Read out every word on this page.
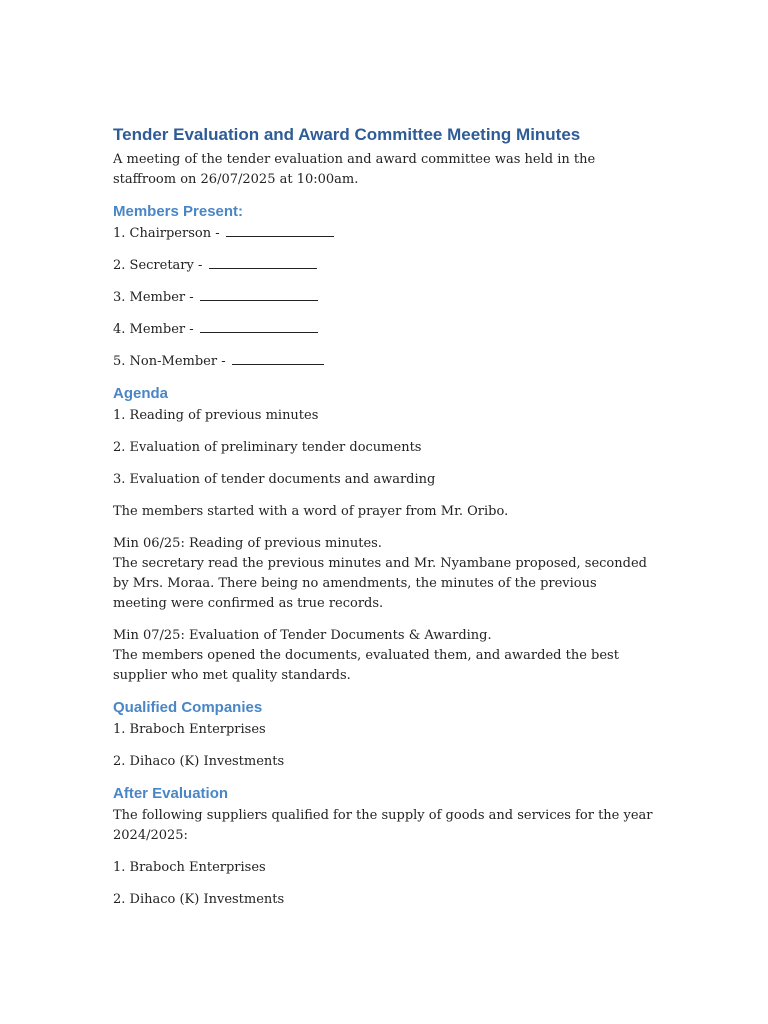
Tender Evaluation and Award Committee Meeting Minutes

A meeting of the tender evaluation and award committee was held in the staffroom on 26/07/2025 at 10:00am.

Members Present:

1. Chairperson -

2. Secretary -

3. Member -

4. Member -

5. Non-Member -

Agenda

1. Reading of previous minutes

2. Evaluation of preliminary tender documents

3. Evaluation of tender documents and awarding

The members started with a word of prayer from Mr. Oribo.

Min 06/25: Reading of previous minutes.

The secretary read the previous minutes and Mr. Nyambane proposed, seconded by Mrs. Moraa. There being no amendments, the minutes of the previous meeting were confirmed as true records.

Min 07/25: Evaluation of Tender Documents & Awarding.

The members opened the documents, evaluated them, and awarded the best supplier who met quality standards.

Qualified Companies

1. Braboch Enterprises

2. Dihaco (K) Investments

After Evaluation

The following suppliers qualified for the supply of goods and services for the year 2024/2025:

1. Braboch Enterprises

2. Dihaco (K) Investments
